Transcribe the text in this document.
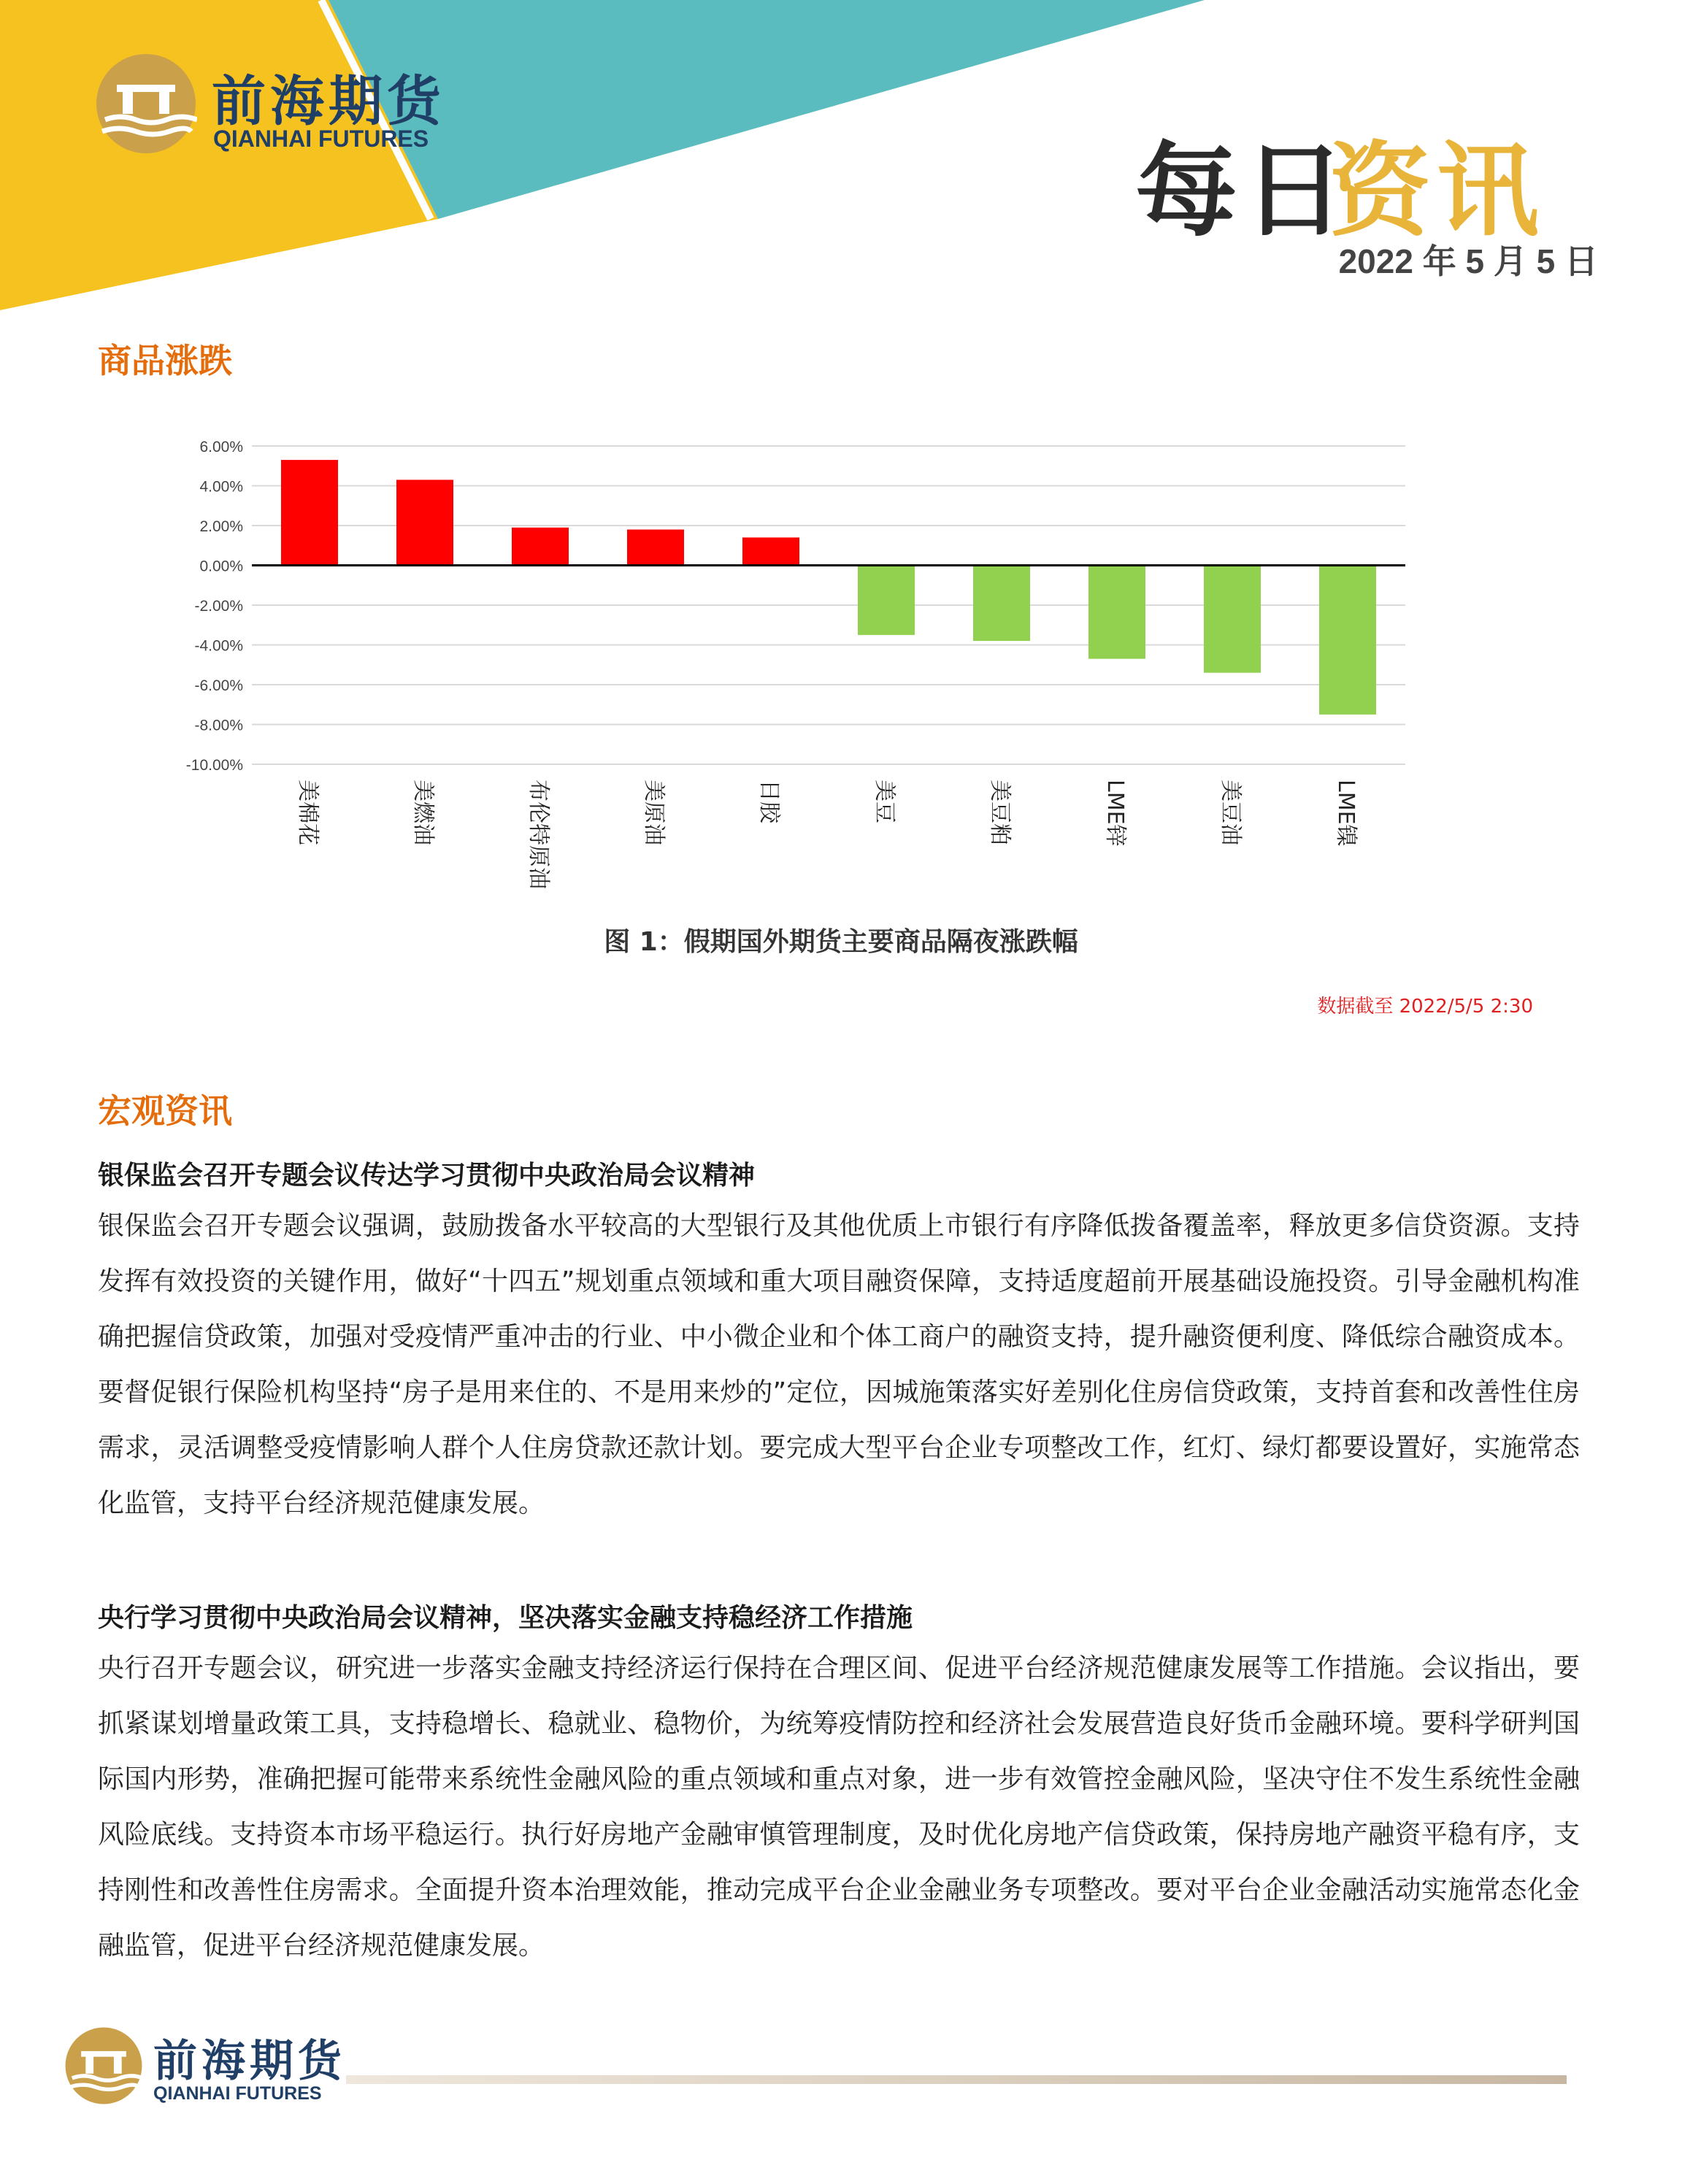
前海期货
QIANHAI FUTURES	每日
资讯
2022 年 5 月 5 日
商品涨跌
6.00%
4.00%
2.00%
0.00%
-2.00%
-4.00%
-6.00%
-8.00%
-10.00%
美棉花	美燃油	布伦特原油	美原油	日胶	美豆	美豆粕	LME锌	美豆油	LME镍
图 1：假期国外期货主要商品隔夜涨跌幅
数据截至 2022/5/5 2:30
宏观资讯
银保监会召开专题会议传达学习贯彻中央政治局会议精神
银保监会召开专题会议强调，鼓励拨备水平较高的大型银行及其他优质上市银行有序降低拨备覆盖率，释放更多信贷资源。支持发挥有效投资的关键作用，做好“十四五”规划重点领域和重大项目融资保障，支持适度超前开展基础设施投资。引导金融机构准确把握信贷政策，加强对受疫情严重冲击的行业、中小微企业和个体工商户的融资支持，提升融资便利度、降低综合融资成本。要督促银行保险机构坚持“房子是用来住的、不是用来炒的”定位，因城施策落实好差别化住房信贷政策，支持首套和改善性住房需求，灵活调整受疫情影响人群个人住房贷款还款计划。要完成大型平台企业专项整改工作，红灯、绿灯都要设置好，实施常态化监管，支持平台经济规范健康发展。
央行学习贯彻中央政治局会议精神，坚决落实金融支持稳经济工作措施
央行召开专题会议，研究进一步落实金融支持经济运行保持在合理区间、促进平台经济规范健康发展等工作措施。会议指出，要抓紧谋划增量政策工具，支持稳增长、稳就业、稳物价，为统筹疫情防控和经济社会发展营造良好货币金融环境。要科学研判国际国内形势，准确把握可能带来系统性金融风险的重点领域和重点对象，进一步有效管控金融风险，坚决守住不发生系统性金融风险底线。支持资本市场平稳运行。执行好房地产金融审慎管理制度，及时优化房地产信贷政策，保持房地产融资平稳有序，支持刚性和改善性住房需求。全面提升资本治理效能，推动完成平台企业金融业务专项整改。要对平台企业金融活动实施常态化金融监管，促进平台经济规范健康发展。
前海期货
QIANHAI FUTURES
